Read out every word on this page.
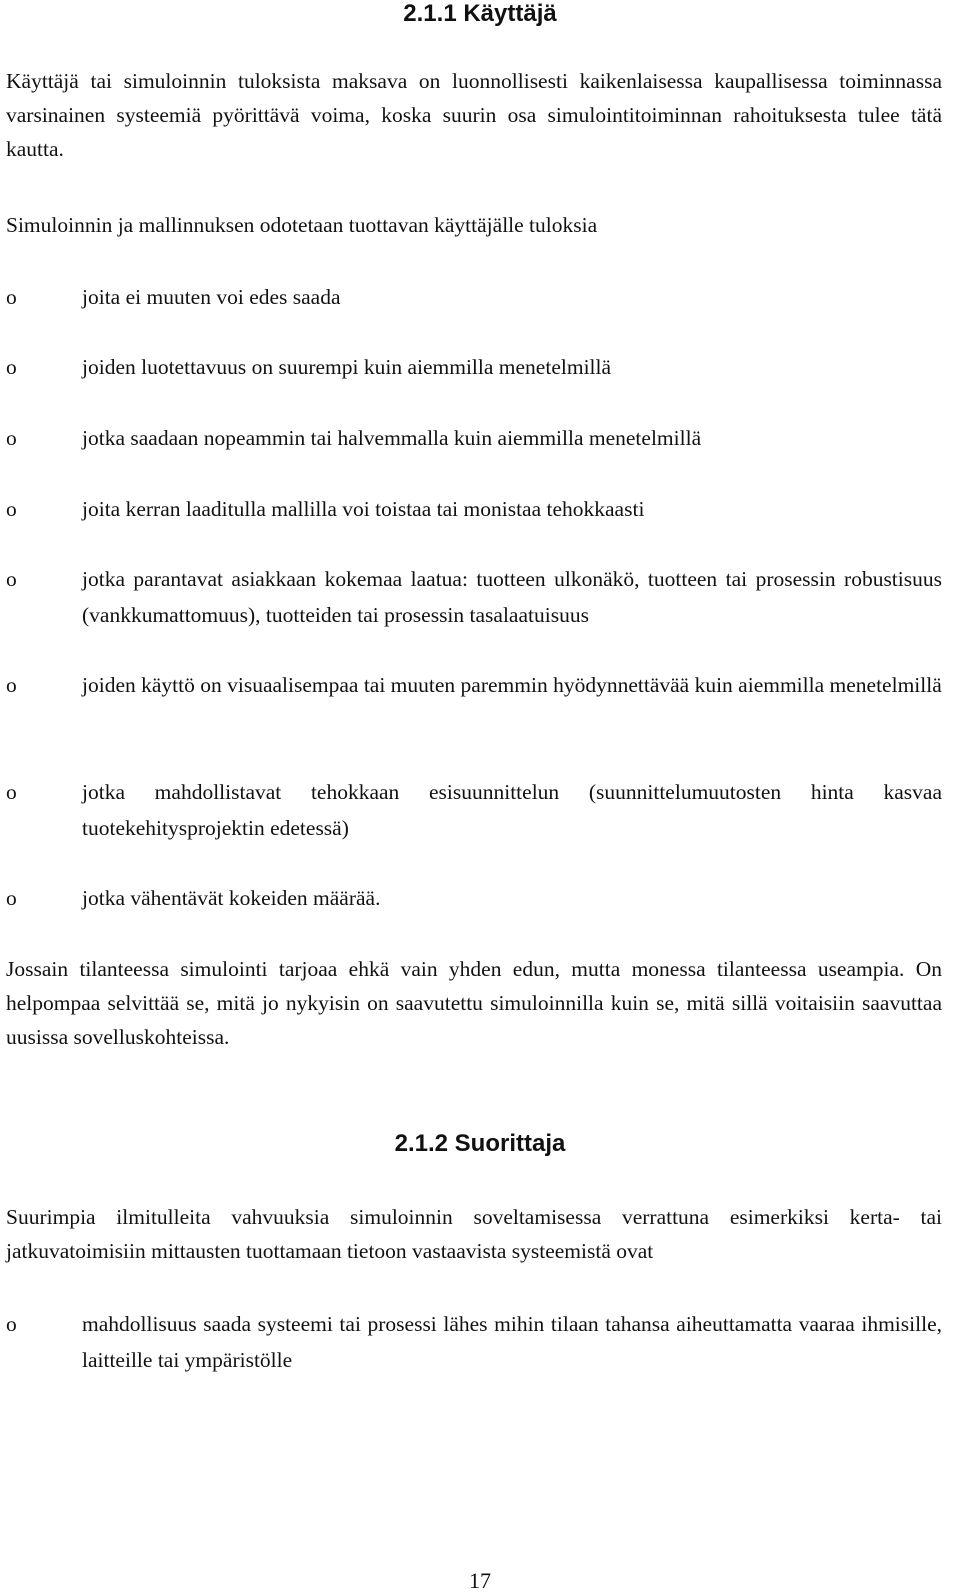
2.1.1 Käyttäjä

Käyttäjä tai simuloinnin tuloksista maksava on luonnollisesti kaikenlaisessa kaupallisessa toiminnassa varsinainen systeemiä pyörittävä voima, koska suurin osa simulointitoiminnan rahoituksesta tulee tätä kautta.

Simuloinnin ja mallinnuksen odotetaan tuottavan käyttäjälle tuloksia

o	joita ei muuten voi edes saada
o	joiden luotettavuus on suurempi kuin aiemmilla menetelmillä
o	jotka saadaan nopeammin tai halvemmalla kuin aiemmilla menetelmillä
o	joita kerran laaditulla mallilla voi toistaa tai monistaa tehokkaasti
o	jotka parantavat asiakkaan kokemaa laatua: tuotteen ulkonäkö, tuotteen tai prosessin robustisuus (vankkumattomuus), tuotteiden tai prosessin tasalaatuisuus
o	joiden käyttö on visuaalisempaa tai muuten paremmin hyödynnettävää kuin aiemmilla menetelmillä
o	jotka mahdollistavat tehokkaan esisuunnittelun (suunnittelumuutosten hinta kasvaa tuotekehitysprojektin edetessä)
o	jotka vähentävät kokeiden määrää.

Jossain tilanteessa simulointi tarjoaa ehkä vain yhden edun, mutta monessa tilanteessa useampia. On helpompaa selvittää se, mitä jo nykyisin on saavutettu simuloinnilla kuin se, mitä sillä voitaisiin saavuttaa uusissa sovelluskohteissa.

2.1.2 Suorittaja

Suurimpia ilmitulleita vahvuuksia simuloinnin soveltamisessa verrattuna esimerkiksi kerta- tai jatkuvatoimisiin mittausten tuottamaan tietoon vastaavista systeemistä ovat

o	mahdollisuus saada systeemi tai prosessi lähes mihin tilaan tahansa aiheuttamatta vaaraa ihmisille, laitteille tai ympäristölle
17
